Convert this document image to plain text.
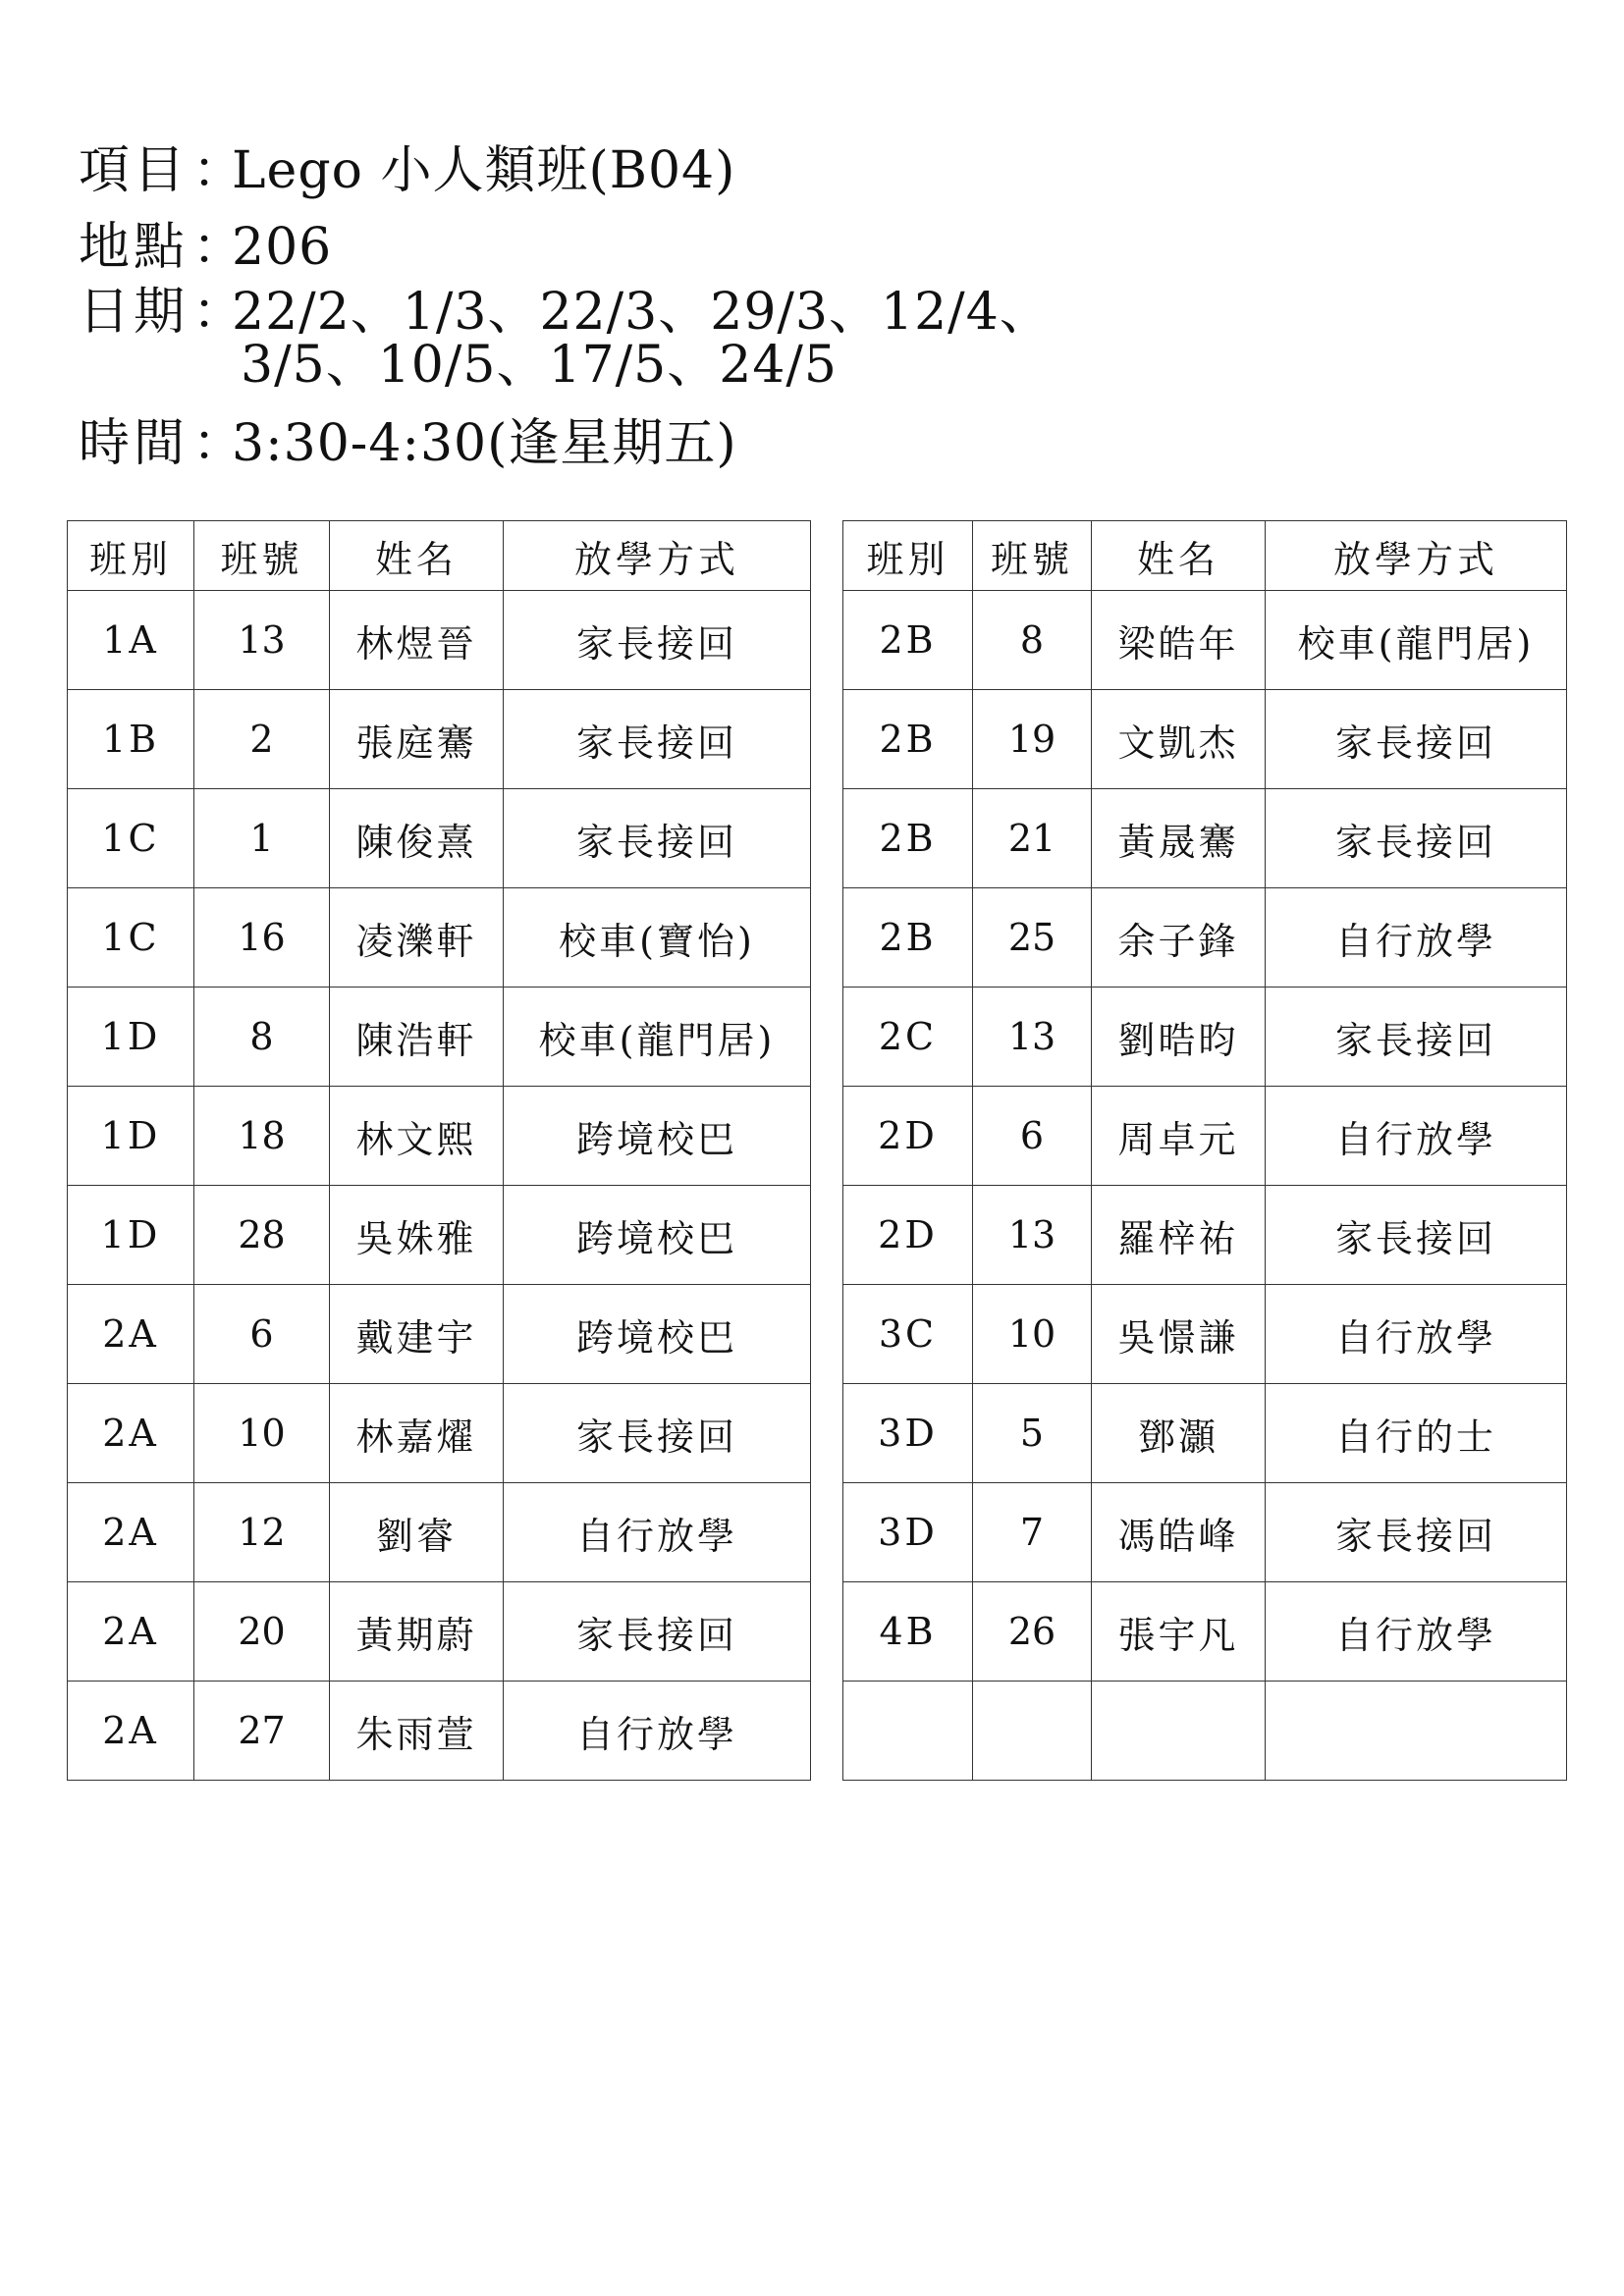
項目：Lego 小人類班(B04)
地點：206
日期：22/2、1/3、22/3、29/3、12/4、
3/5、10/5、17/5、24/5
時間：3:30-4:30(逢星期五)
班別	班號	姓名	放學方式
1A	13	林煜晉	家長接回
1B	2	張庭騫	家長接回
1C	1	陳俊熹	家長接回
1C	16	凌濼軒	校車(寶怡)
1D	8	陳浩軒	校車(龍門居)
1D	18	林文熙	跨境校巴
1D	28	吳姝雅	跨境校巴
2A	6	戴建宇	跨境校巴
2A	10	林嘉燿	家長接回
2A	12	劉睿	自行放學
2A	20	黃期蔚	家長接回
2A	27	朱雨萱	自行放學
班別	班號	姓名	放學方式
2B	8	梁皓年	校車(龍門居)
2B	19	文凱杰	家長接回
2B	21	黃晟騫	家長接回
2B	25	余子鋒	自行放學
2C	13	劉晧昀	家長接回
2D	6	周卓元	自行放學
2D	13	羅梓祐	家長接回
3C	10	吳憬謙	自行放學
3D	5	鄧灝	自行的士
3D	7	馮皓峰	家長接回
4B	26	張宇凡	自行放學
